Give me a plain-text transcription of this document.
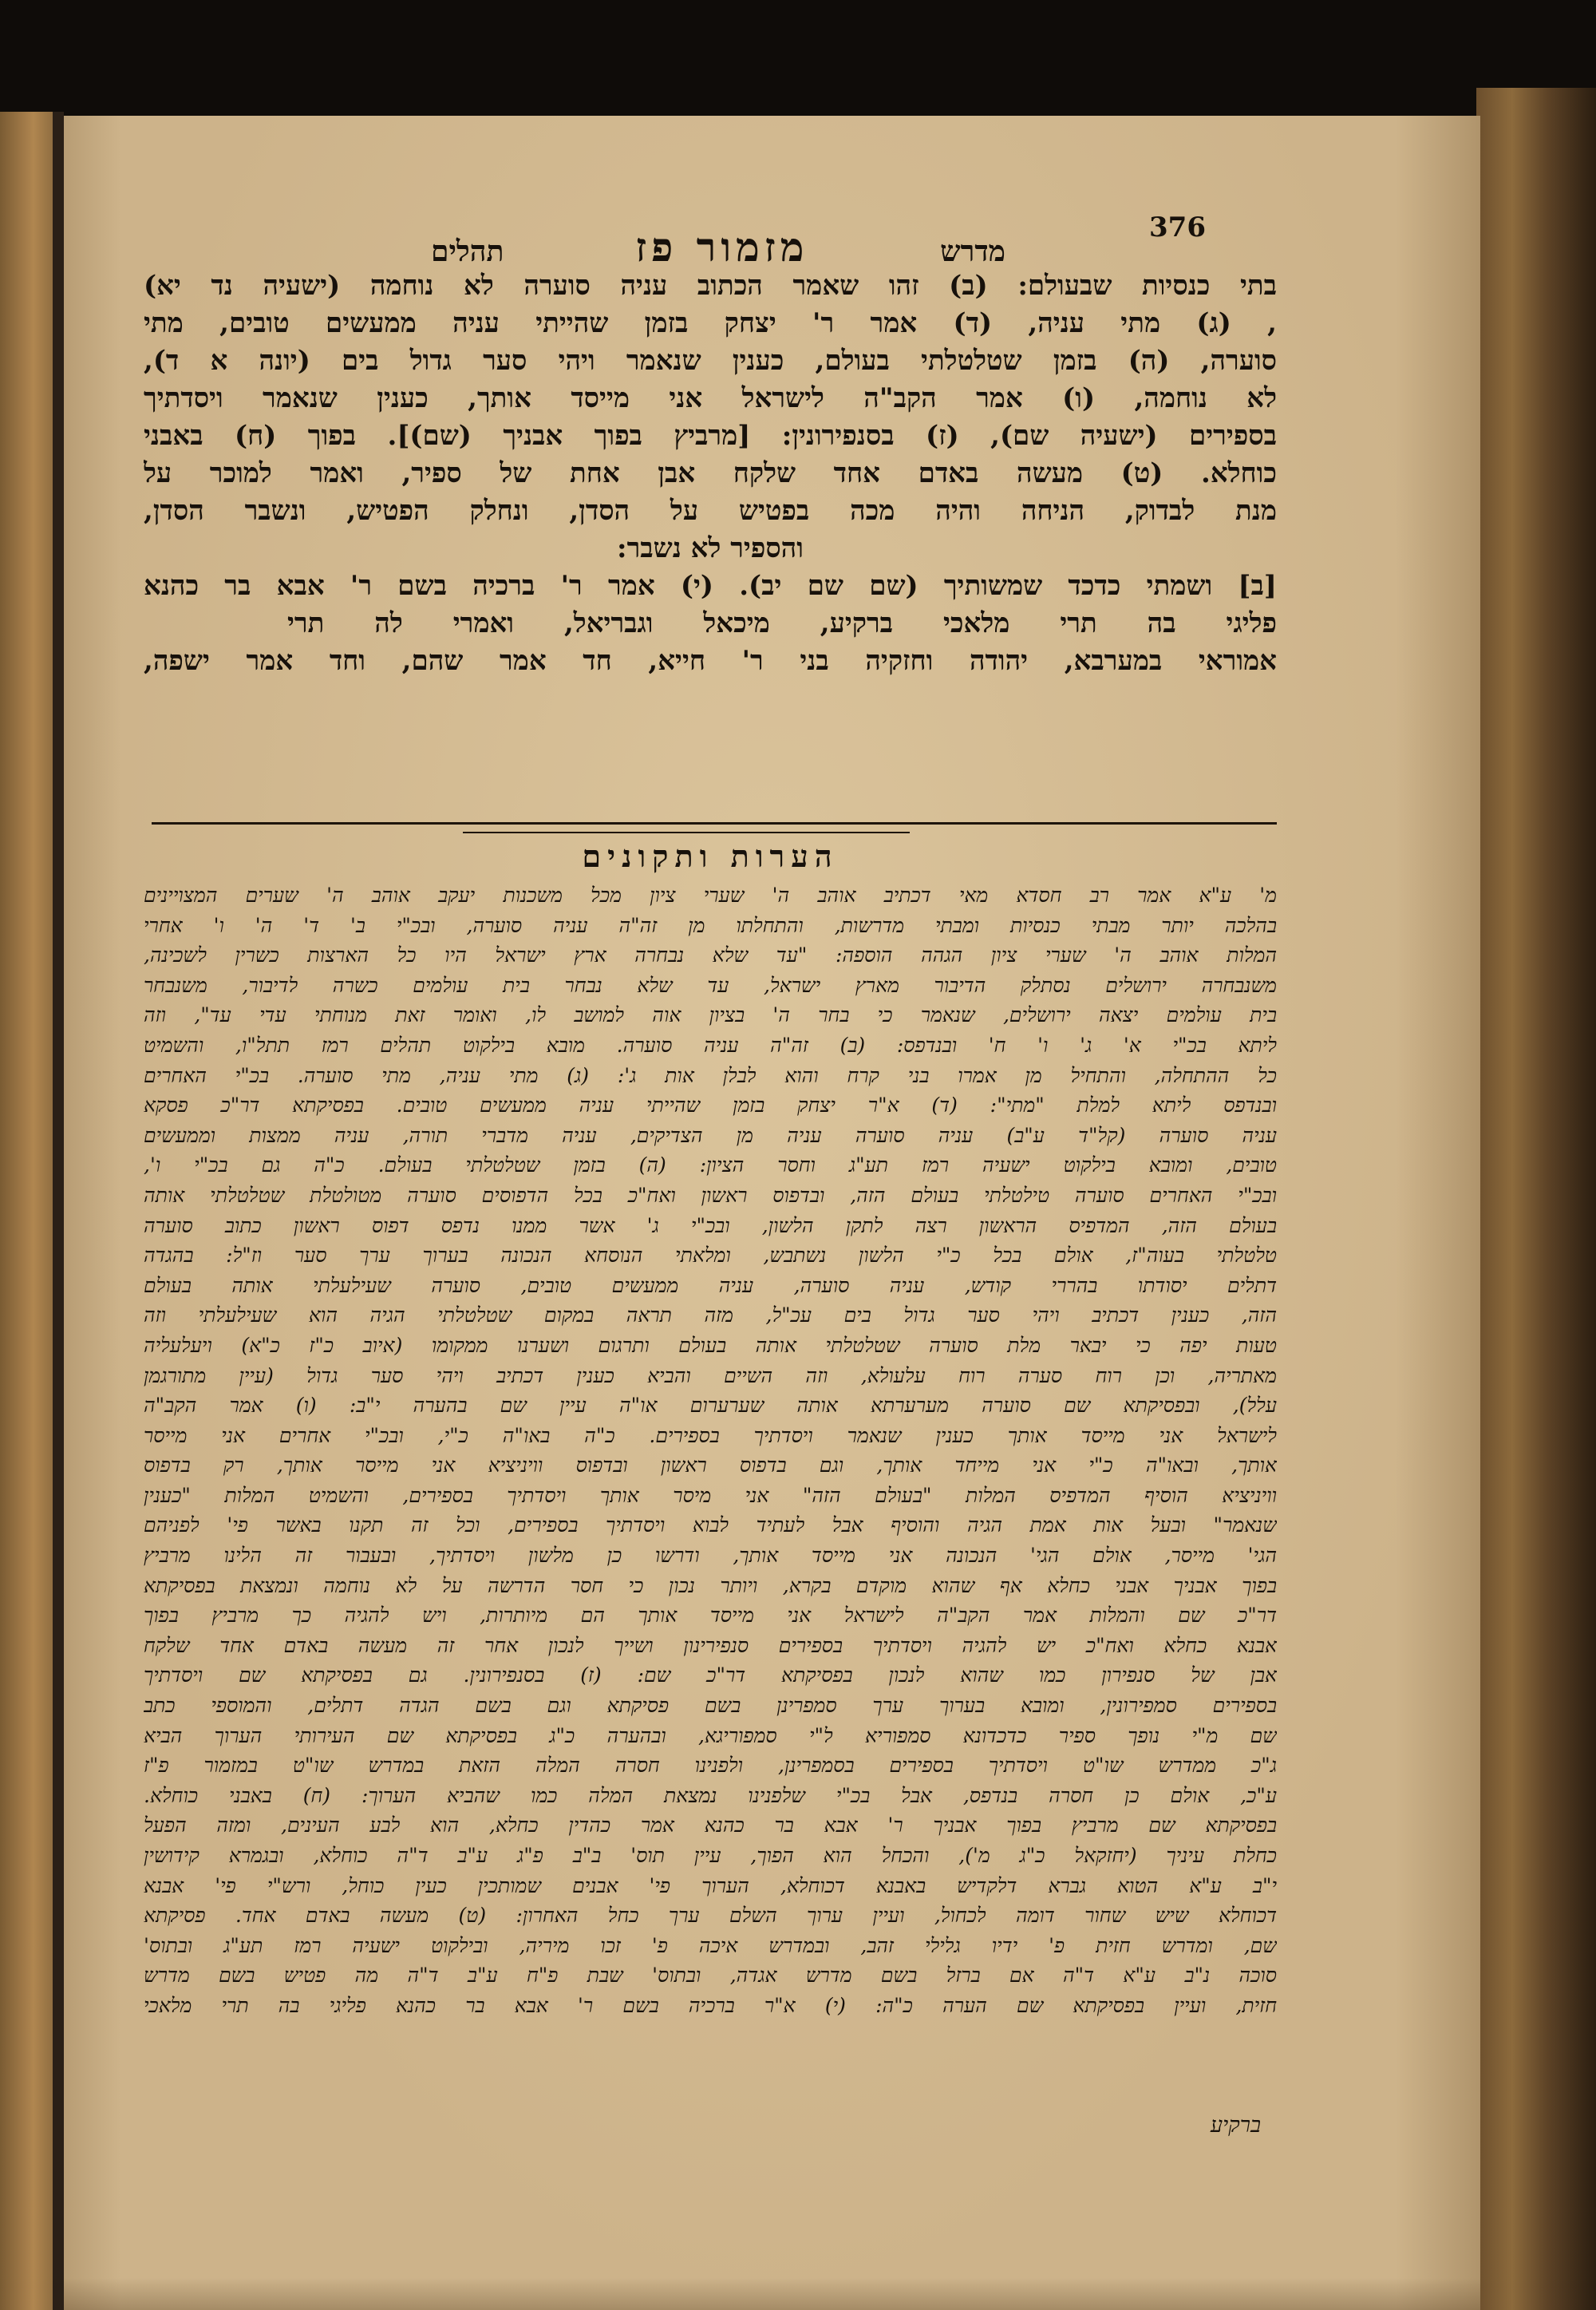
376
תהלים	מזמור פז	מדרש
בתי כנסיות שבעולם: (ב) זהו שאמר הכתוב עניה סוערה לא נוחמה (ישעיה נד יא)
, (ג) מתי עניה, (ד) אמר ר' יצחק בזמן שהייתי עניה ממעשים טובים, מתי
סוערה, (ה) בזמן שטלטלתי בעולם, כענין שנאמר ויהי סער גדול בים (יונה א ד),
לא נוחמה, (ו) אמר הקב"ה לישראל אני מייסד אותך, כענין שנאמר ויסדתיך
בספירים (ישעיה שם), (ז) בסנפירונין: [מרביץ בפוך אבניך (שם)]. בפוך (ח) באבני
כוחלא. (ט) מעשה באדם אחד שלקח אבן אחת של ספיר, ואמר למוכר על
מנת לבדוק, הניחה והיה מכה בפטיש על הסדן, ונחלק הפטיש, ונשבר הסדן,
והספיר לא נשבר:
[ב] ושמתי כדכד שמשותיך (שם שם יב). (י) אמר ר' ברכיה בשם ר' אבא בר כהנא
פליגי בה תרי מלאכי ברקיע, מיכאל וגבריאל, ואמרי לה תרי
אמוראי במערבא, יהודה וחזקיה בני ר' חייא, חד אמר שהם, וחד אמר ישפה,
הערות ותקונים
מ' ע"א אמר רב חסדא מאי דכתיב אוהב ה' שערי ציון מכל משכנות יעקב אוהב ה' שערים המצויינים
בהלכה יותר מבתי כנסיות ומבתי מדרשות, והתחלתו מן זה"ה עניה סוערה, ובכ"י ב' ד' ה' ו' אחרי
המלות אוהב ה' שערי ציון הגהה הוספה: "עד שלא נבחרה ארץ ישראל היו כל הארצות כשרין לשכינה,
משנבחרה ירושלים נסתלק הדיבור מארץ ישראל, עד שלא נבחר בית עולמים כשרה לדיבור, משנבחר
בית עולמים יצאה ירושלים, שנאמר כי בחר ה' בציון אוה למושב לו, ואומר זאת מנוחתי עדי עד", וזה
ליתא בכ"י א' ג' ו' ח' ובנדפס: (ב) זה"ה עניה סוערה. מובא בילקוט תהלים רמז תתל"ו, והשמיט
כל ההתחלה, והתחיל מן אמרו בני קרח והוא לבלן אות ג': (ג) מתי עניה, מתי סוערה. בכ"י האחרים
ובנדפס ליתא למלת "מתי": (ד) א"ר יצחק בזמן שהייתי עניה ממעשים טובים. בפסיקתא דר"כ פסקא
עניה סוערה (קל"ד ע"ב) עניה סוערה עניה מן הצדיקים, עניה מדברי תורה, עניה ממצות וממעשים
טובים, ומובא בילקוט ישעיה רמז תע"ג וחסר הציון: (ה) בזמן שטלטלתי בעולם. כ"ה גם בכ"י ו',
ובכ"י האחרים סוערה טילטלתי בעולם הזה, ובדפוס ראשון ואח"כ בכל הדפוסים סוערה מטולטלת שטלטלתי אותה
בעולם הזה, המדפיס הראשון רצה לתקן הלשון, ובכ"י ג' אשר ממנו נדפס דפוס ראשון כתוב סוערה
טלטלתי בעוה"ז, אולם בכל כ"י הלשון נשתבש, ומלאתי הנוסחא הנכונה בערוך ערך סער וז"ל: בהגדה
דתלים יסודתו בהררי קודש, עניה סוערה, עניה ממעשים טובים, סוערה שעילעלתי אותה בעולם
הזה, כענין דכתיב ויהי סער גדול בים עכ"ל, מזה תראה במקום שטלטלתי הגיה הוא שעילעלתי וזה
טעות יפה כי יבאר מלת סוערה שטלטלתי אותה בעולם ותרגום ושערנו ממקומו (איוב כ"ז כ"א) ויעלעליה
מאתריה, וכן רוח סערה רוח עלעולא, וזה השיים והביא כענין דכתיב ויהי סער גדול (עיין מתורגמן
עלל), ובפסיקתא שם סוערה מערערתא אותה שערערום או"ה עיין שם בהערה י"ב: (ו) אמר הקב"ה
לישראל אני מייסד אותך כענין שנאמר ויסדתיך בספירים. כ"ה באו"ה כ"י, ובכ"י אחרים אני מייסר
אותך, ובאו"ה כ"י אני מייחד אותך, וגם בדפוס ראשון ובדפוס וויניציא אני מייסר אותך, רק בדפוס
וויניציא הוסיף המדפיס המלות "בעולם הזה" אני מיסר אותך ויסדתיך בספירים, והשמיט המלות "כענין
שנאמר" ובעל אות אמת הגיה והוסיף אבל לעתיד לבוא ויסדתיך בספירים, וכל זה תקנו באשר פי' לפניהם
הגי' מייסר, אולם הגי' הנכונה אני מייסד אותך, ודרשו כן מלשון ויסדתיך, ובעבור זה הלינו מרביץ
בפוך אבניך אבני כחלא אף שהוא מוקדם בקרא, ויותר נכון כי חסר הדרשה על לא נוחמה ונמצאת בפסיקתא
דר"כ שם והמלות אמר הקב"ה לישראל אני מייסד אותך הם מיותרות, ויש להגיה כך מרביץ בפוך
אבנא כחלא ואח"כ יש להגיה ויסדתיך בספירים סנפירינון ושייך לנכון אחר זה מעשה באדם אחד שלקח
אבן של סנפירון כמו שהוא לנכון בפסיקתא דר"כ שם: (ז) בסנפירונין. גם בפסיקתא שם ויסדתיך
בספירים סמפירונין, ומובא בערוך ערך סמפרינן בשם פסיקתא וגם בשם הגדה דתלים, והמוספי כתב
שם מ"י נופך ספיר כדכדונא סמפוריא ל"י סמפוריגא, ובהערה כ"ג בפסיקתא שם העירותי הערוך הביא
ג"כ ממדרש שו"ט ויסדתיך בספירים בסמפרינן, ולפנינו חסרה המלה הזאת במדרש שו"ט במזמור פ"ז
ע"כ, אולם כן חסרה בנדפס, אבל בכ"י שלפנינו נמצאת המלה כמו שהביא הערוך: (ח) באבני כוחלא.
בפסיקתא שם מרביץ בפוך אבניך ר' אבא בר כהנא אמר כהדין כחלא, הוא לבע העינים, ומזה הפעל
כחלת עיניך (יחזקאל כ"ג מ'), והכחל הוא הפוך, עיין תוס' ב"ב פ"ג ע"ב ד"ה כוחלא, ובגמרא קידושין
י"ב ע"א הטוא גברא דלקדיש באבנא דכוחלא, הערוך פי' אבנים שמותכין כעין כוחל, ורש"י פי' אבנא
דכוחלא שיש שחור דומה לכחול, ועיין ערוך השלם ערך כחל האחרון: (ט) מעשה באדם אחד. פסיקתא
שם, ומדרש חזית פ' ידיו גלילי זהב, ובמדרש איכה פ' זכו מיריה, ובילקוט ישעיה רמז תע"ג ובתוס'
סוכה נ"ב ע"א ד"ה אם ברזל בשם מדרש אגדה, ובתוס' שבת פ"ח ע"ב ד"ה מה פטיש בשם מדרש
חזית, ועיין בפסיקתא שם הערה כ"ה: (י) א"ר ברכיה בשם ר' אבא בר כהנא פליגי בה תרי מלאכי
ברקיע
